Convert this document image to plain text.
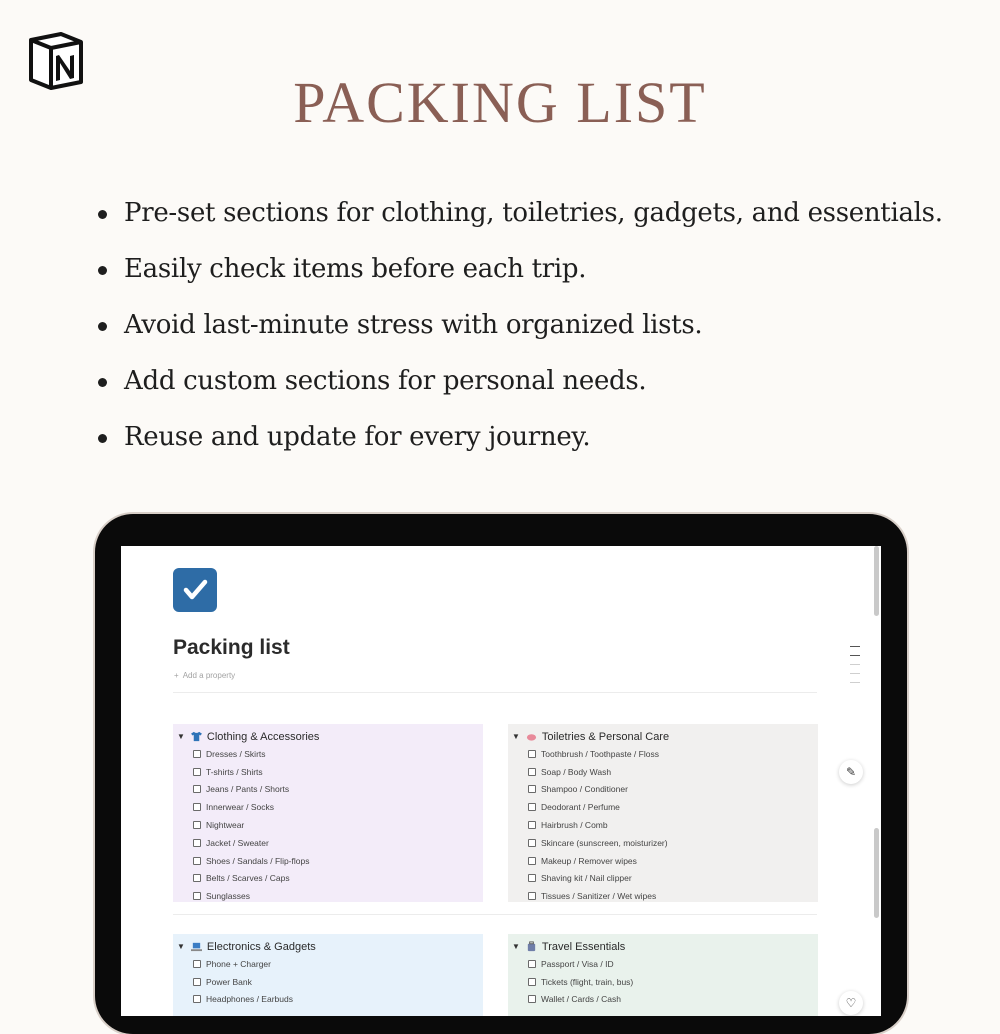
PACKING LIST
Pre-set sections for clothing, toiletries, gadgets, and essentials.
Easily check items before each trip.
Avoid last-minute stress with organized lists.
Add custom sections for personal needs.
Reuse and update for every journey.
Packing list
+ Add a property
✎
▼ Clothing & Accessories
Dresses / Skirts
T-shirts / Shirts
Jeans / Pants / Shorts
Innerwear / Socks
Nightwear
Jacket / Sweater
Shoes / Sandals / Flip-flops
Belts / Scarves / Caps
Sunglasses
▼ Toiletries & Personal Care
Toothbrush / Toothpaste / Floss
Soap / Body Wash
Shampoo / Conditioner
Deodorant / Perfume
Hairbrush / Comb
Skincare (sunscreen, moisturizer)
Makeup / Remover wipes
Shaving kit / Nail clipper
Tissues / Sanitizer / Wet wipes
▼ Electronics & Gadgets
Phone + Charger
Power Bank
Headphones / Earbuds
▼ Travel Essentials
Passport / Visa / ID
Tickets (flight, train, bus)
Wallet / Cards / Cash	♡
